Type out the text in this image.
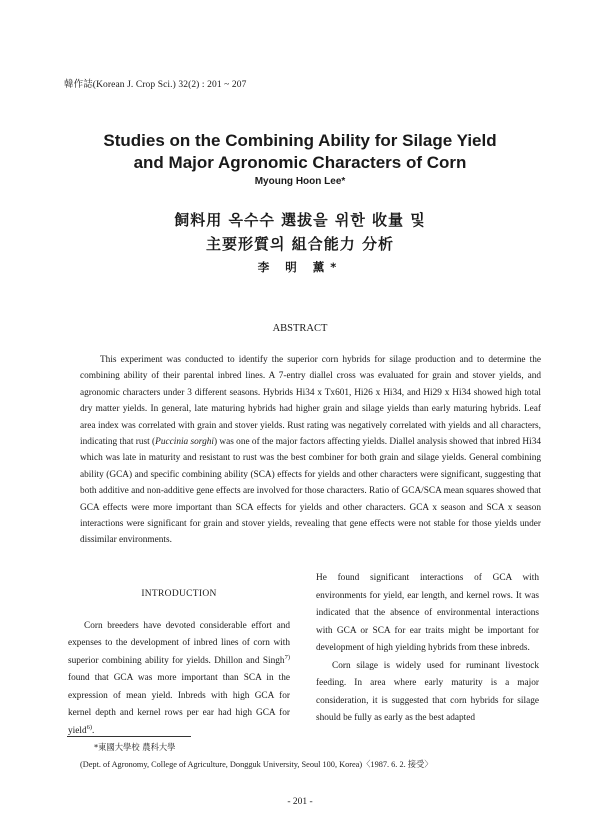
韓作誌(Korean J. Crop Sci.) 32(2) : 201 ~ 207
Studies on the Combining Ability for Silage Yield
and Major Agronomic Characters of Corn
Myoung Hoon Lee*
飼料用 옥수수 選拔을 위한 收量 및
主要形質의 組合能力 分析
李 明 薰*
ABSTRACT
This experiment was conducted to identify the superior corn hybrids for silage production and to determine the combining ability of their parental inbred lines. A 7-entry diallel cross was evaluated for grain and stover yields, and agronomic characters under 3 different seasons. Hybrids Hi34 x Tx601, Hi26 x Hi34, and Hi29 x Hi34 showed high total dry matter yields. In general, late maturing hybrids had higher grain and silage yields than early maturing hybrids. Leaf area index was correlated with grain and stover yields. Rust rating was negatively correlated with yields and all characters, indicating that rust (Puccinia sorghi) was one of the major factors affecting yields. Diallel analysis showed that inbred Hi34 which was late in maturity and resistant to rust was the best combiner for both grain and silage yields. General combining ability (GCA) and specific combining ability (SCA) effects for yields and other characters were significant, suggesting that both additive and non-additive gene effects are involved for those characters. Ratio of GCA/SCA mean squares showed that GCA effects were more important than SCA effects for yields and other characters. GCA x season and SCA x season interactions were significant for grain and stover yields, revealing that gene effects were not stable for those yields under dissimilar environments.
INTRODUCTION

Corn breeders have devoted considerable effort and expenses to the development of inbred lines of corn with superior combining ability for yields. Dhillon and Singh$^{7)}$ found that GCA was more important than SCA in the expression of mean yield. Inbreds with high GCA for kernel depth and kernel rows per ear had high GCA for yield$^{6)}$.

He found significant interactions of GCA with environments for yield, ear length, and kernel rows. It was indicated that the absence of environmental interactions with GCA or SCA for ear traits might be important for development of high yielding hybrids from these inbreds.

Corn silage is widely used for ruminant livestock feeding. In area where early maturity is a major consideration, it is suggested that corn hybrids for silage should be fully as early as the best adapted

*東國大學校 農科大學
(Dept. of Agronomy, College of Agriculture, Dongguk University, Seoul 100, Korea)〈1987. 6. 2. 接受〉
- 201 -
